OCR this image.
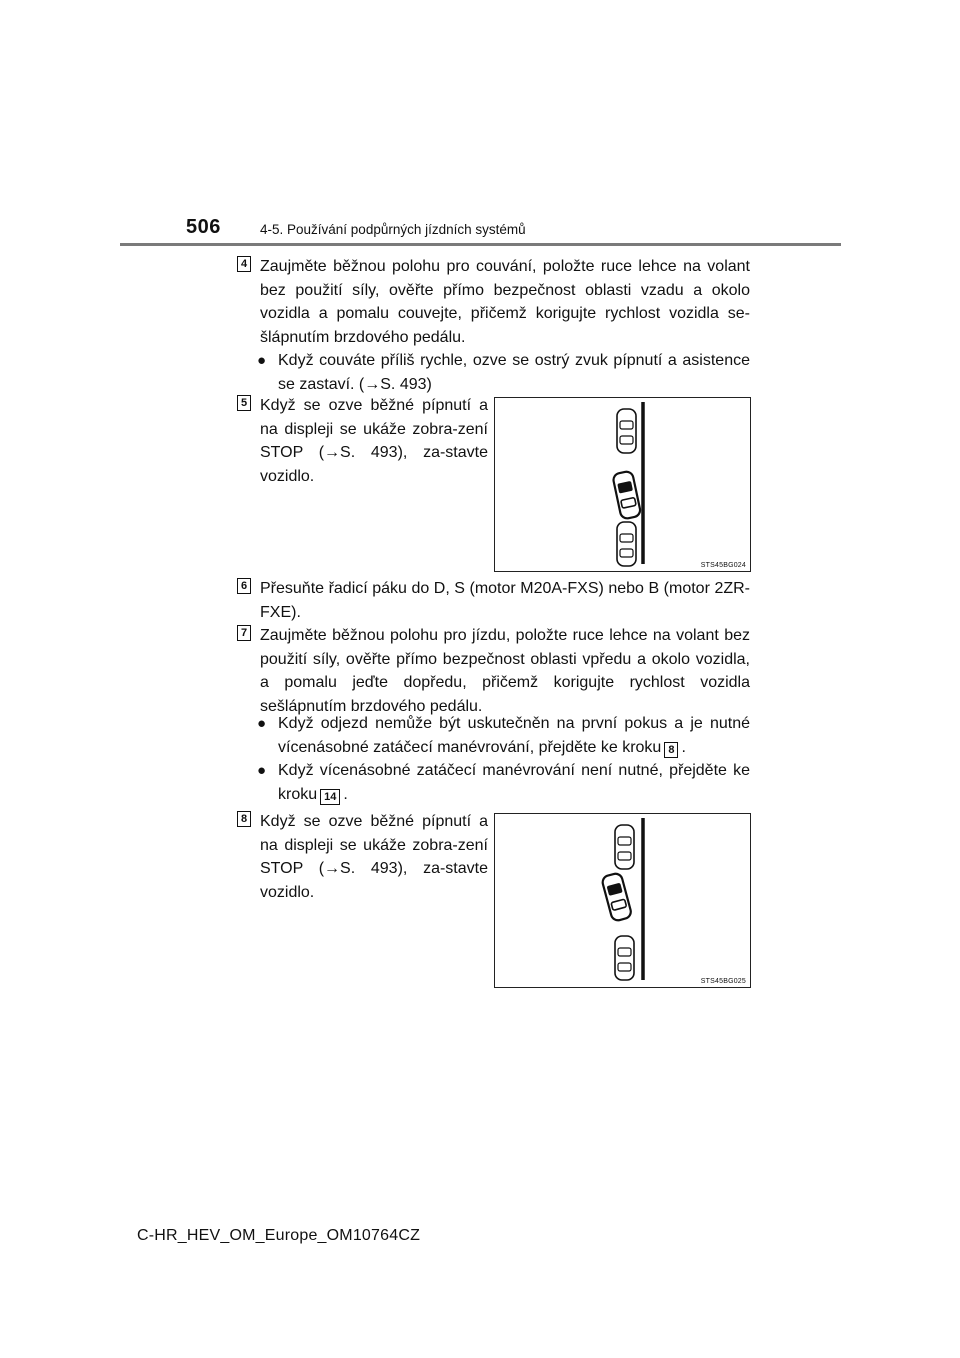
506	4-5. Používání podpůrných jízdních systémů
4 Zaujměte běžnou polohu pro couvání, položte ruce lehce na volant bez použití síly, ověřte přímo bezpečnost oblasti vzadu a okolo vozidla a pomalu couvejte, přičemž korigujte rychlost vozidla se-šlápnutím brzdového pedálu.
● Když couváte příliš rychle, ozve se ostrý zvuk pípnutí a asistence se zastaví. (→S. 493)
5 Když se ozve běžné pípnutí a na displeji se ukáže zobra-zení STOP (→S. 493), za-stavte vozidlo.
STS45BG024
6 Přesuňte řadicí páku do D, S (motor M20A-FXS) nebo B (motor 2ZR-FXE).
7 Zaujměte běžnou polohu pro jízdu, položte ruce lehce na volant bez použití síly, ověřte přímo bezpečnost oblasti vpředu a okolo vozidla, a pomalu jeďte dopředu, přičemž korigujte rychlost vozidla sešlápnutím brzdového pedálu.
● Když odjezd nemůže být uskutečněn na první pokus a je nutné vícenásobné zatáčecí manévrování, přejděte ke kroku 8 .
● Když vícenásobné zatáčecí manévrování není nutné, přejděte ke kroku 14 .
8 Když se ozve běžné pípnutí a na displeji se ukáže zobra-zení STOP (→S. 493), za-stavte vozidlo.
STS45BG025
C-HR_HEV_OM_Europe_OM10764CZ
